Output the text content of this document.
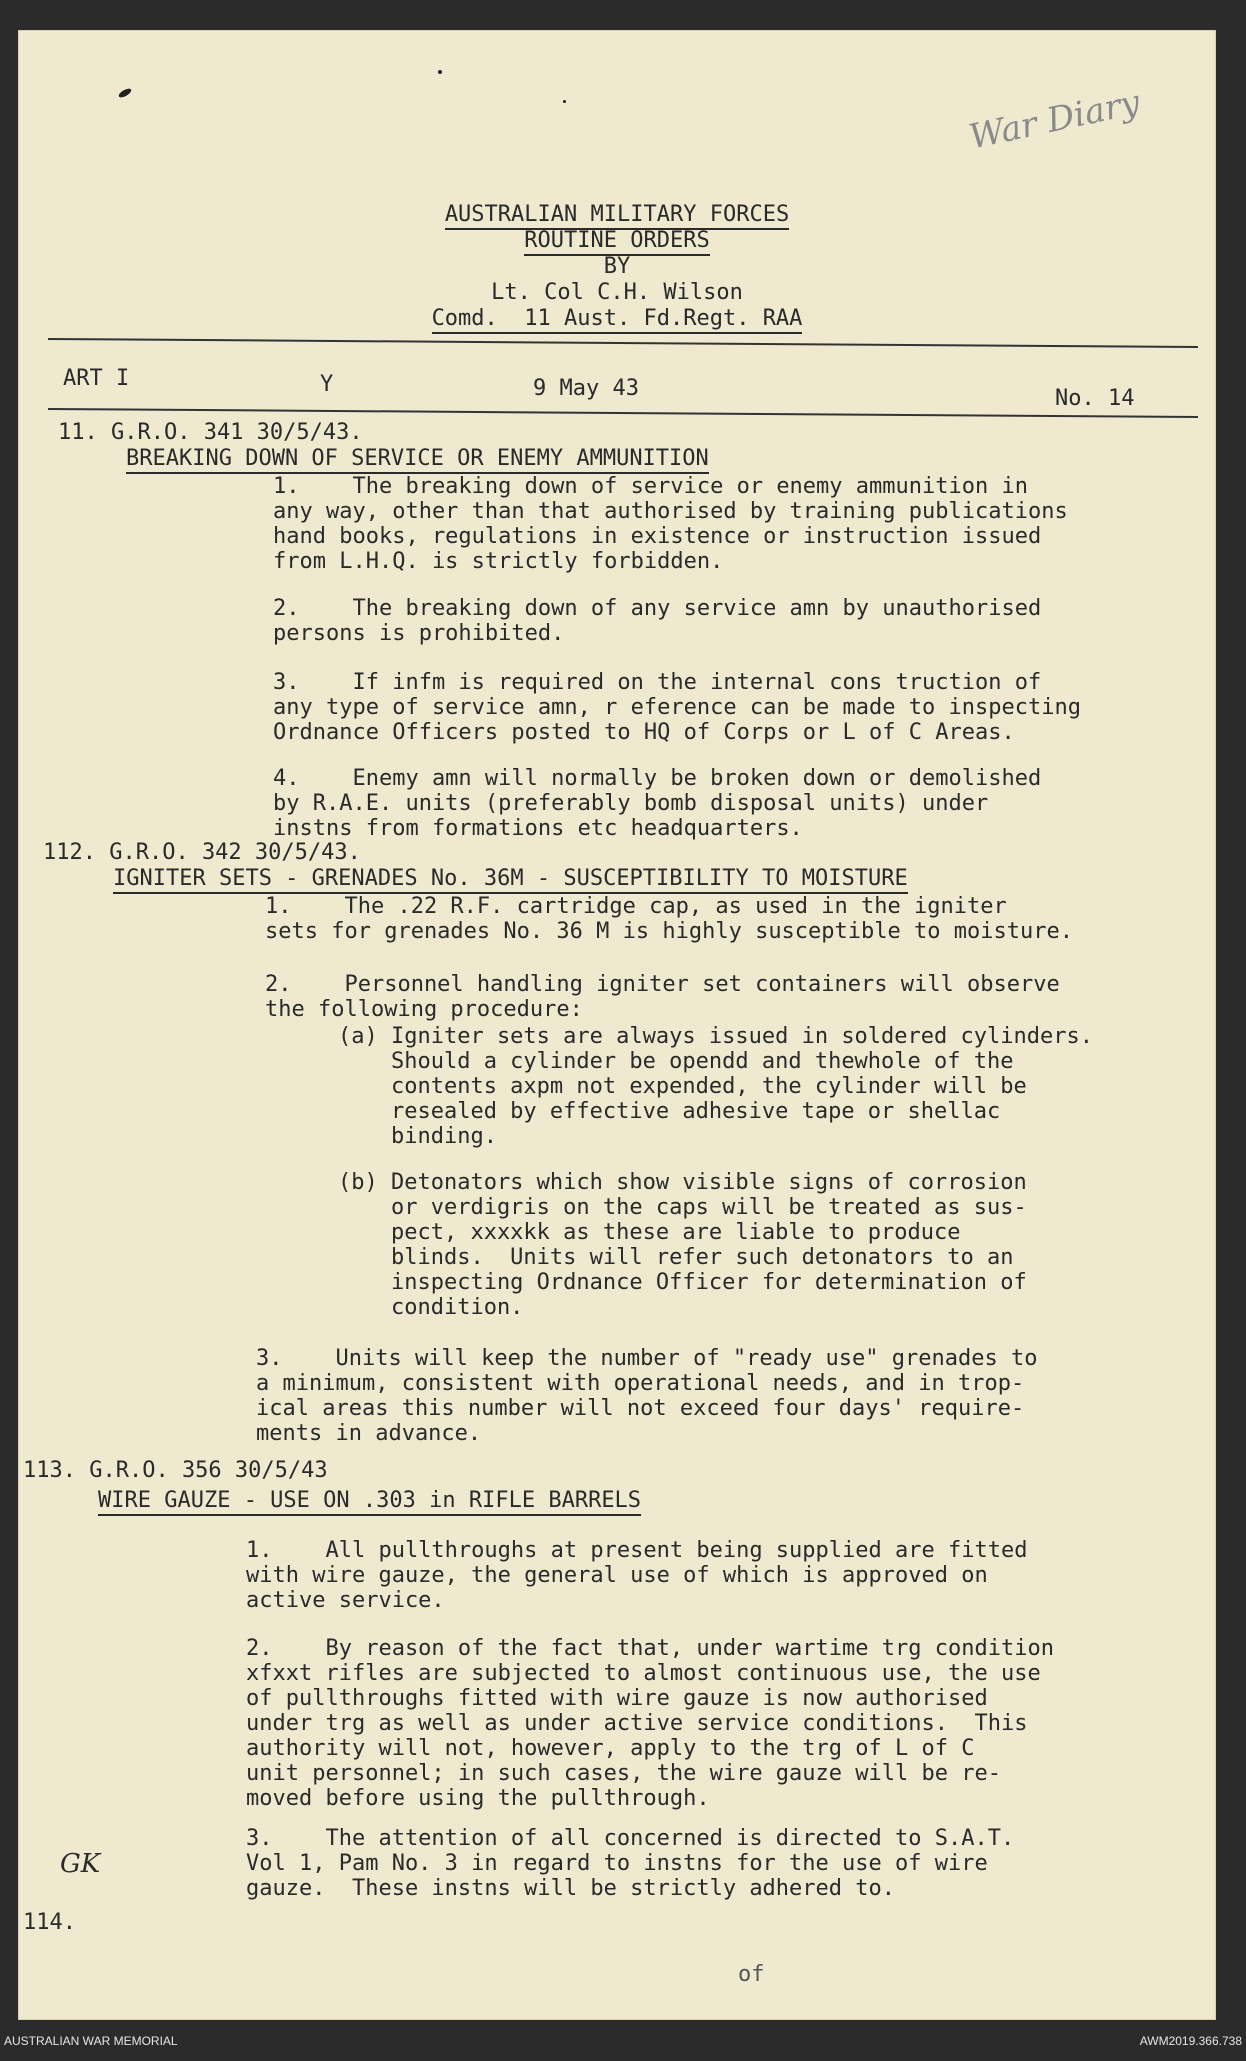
War Diary
AUSTRALIAN MILITARY FORCES
ROUTINE ORDERS
BY
Lt. Col C.H. Wilson
Comd.  11 Aust. Fd.Regt. RAA
ART I	Y	9 May 43	No. 14
11. G.R.O. 341 30/5/43.
BREAKING DOWN OF SERVICE OR ENEMY AMMUNITION
1.    The breaking down of service or enemy ammunition in
any way, other than that authorised by training publications
hand books, regulations in existence or instruction issued
from L.H.Q. is strictly forbidden.
2.    The breaking down of any service amn by unauthorised
persons is prohibited.
3.    If infm is required on the internal cons truction of
any type of service amn, r eference can be made to inspecting
Ordnance Officers posted to HQ of Corps or L of C Areas.
4.    Enemy amn will normally be broken down or demolished
by R.A.E. units (preferably bomb disposal units) under
instns from formations etc headquarters.
112. G.R.O. 342 30/5/43.
IGNITER SETS - GRENADES No. 36M - SUSCEPTIBILITY TO MOISTURE
1.    The .22 R.F. cartridge cap, as used in the igniter
sets for grenades No. 36 M is highly susceptible to moisture.
2.    Personnel handling igniter set containers will observe
the following procedure:
(a) Igniter sets are always issued in soldered cylinders.
Should a cylinder be opendd and thewhole of the
contents axpm not expended, the cylinder will be
resealed by effective adhesive tape or shellac
binding.
(b) Detonators which show visible signs of corrosion
or verdigris on the caps will be treated as sus-
pect, xxxxkk as these are liable to produce
blinds.  Units will refer such detonators to an
inspecting Ordnance Officer for determination of
condition.
3.    Units will keep the number of "ready use" grenades to
a minimum, consistent with operational needs, and in trop-
ical areas this number will not exceed four days' require-
ments in advance.
113. G.R.O. 356 30/5/43
WIRE GAUZE - USE ON .303 in RIFLE BARRELS
1.    All pullthroughs at present being supplied are fitted
with wire gauze, the general use of which is approved on
active service.
2.    By reason of the fact that, under wartime trg condition
xfxxt rifles are subjected to almost continuous use, the use
of pullthroughs fitted with wire gauze is now authorised
under trg as well as under active service conditions.  This
authority will not, however, apply to the trg of L of C
unit personnel; in such cases, the wire gauze will be re-
moved before using the pullthrough.
3.    The attention of all concerned is directed to S.A.T.
Vol 1, Pam No. 3 in regard to instns for the use of wire
gauze.  These instns will be strictly adhered to.
GK
114.
of
AUSTRALIAN WAR MEMORIAL	AWM2019.366.738
